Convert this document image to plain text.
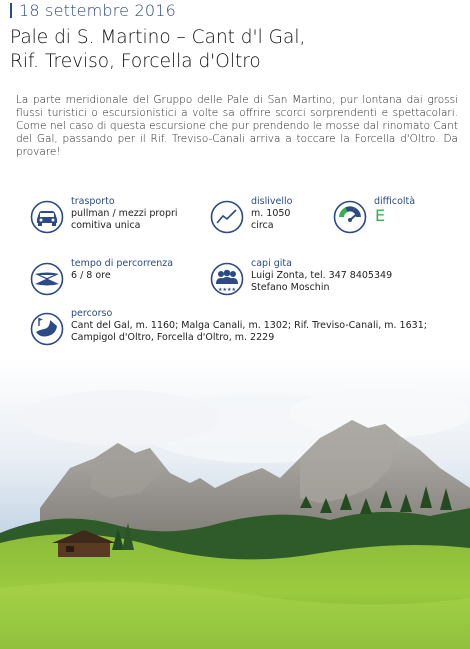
18 settembre 2016
Pale di S. Martino – Cant d'l Gal,
Rif. Treviso, Forcella d'Oltro

La parte meridionale del Gruppo delle Pale di San Martino, pur lontana dai grossi flussi turistici o escursionistici a volte sa offrire scorci sorprendenti e spettacolari. Come nel caso di questa escursione che pur prendendo le mosse dal rinomato Cant del Gal, passando per il Rif. Treviso-Canali arriva a toccare la Forcella d'Oltro. Da provare!

trasporto
pullman / mezzi propri
comitiva unica
dislivello
m. 1050
circa
difficoltà
E
tempo di percorrenza
6 / 8 ore
★★★★
capi gita
Luigi Zonta, tel. 347 8405349
Stefano Moschin
percorso
Cant del Gal, m. 1160; Malga Canali, m. 1302; Rif. Treviso-Canali, m. 1631;
Campigol d'Oltro, Forcella d'Oltro, m. 2229
